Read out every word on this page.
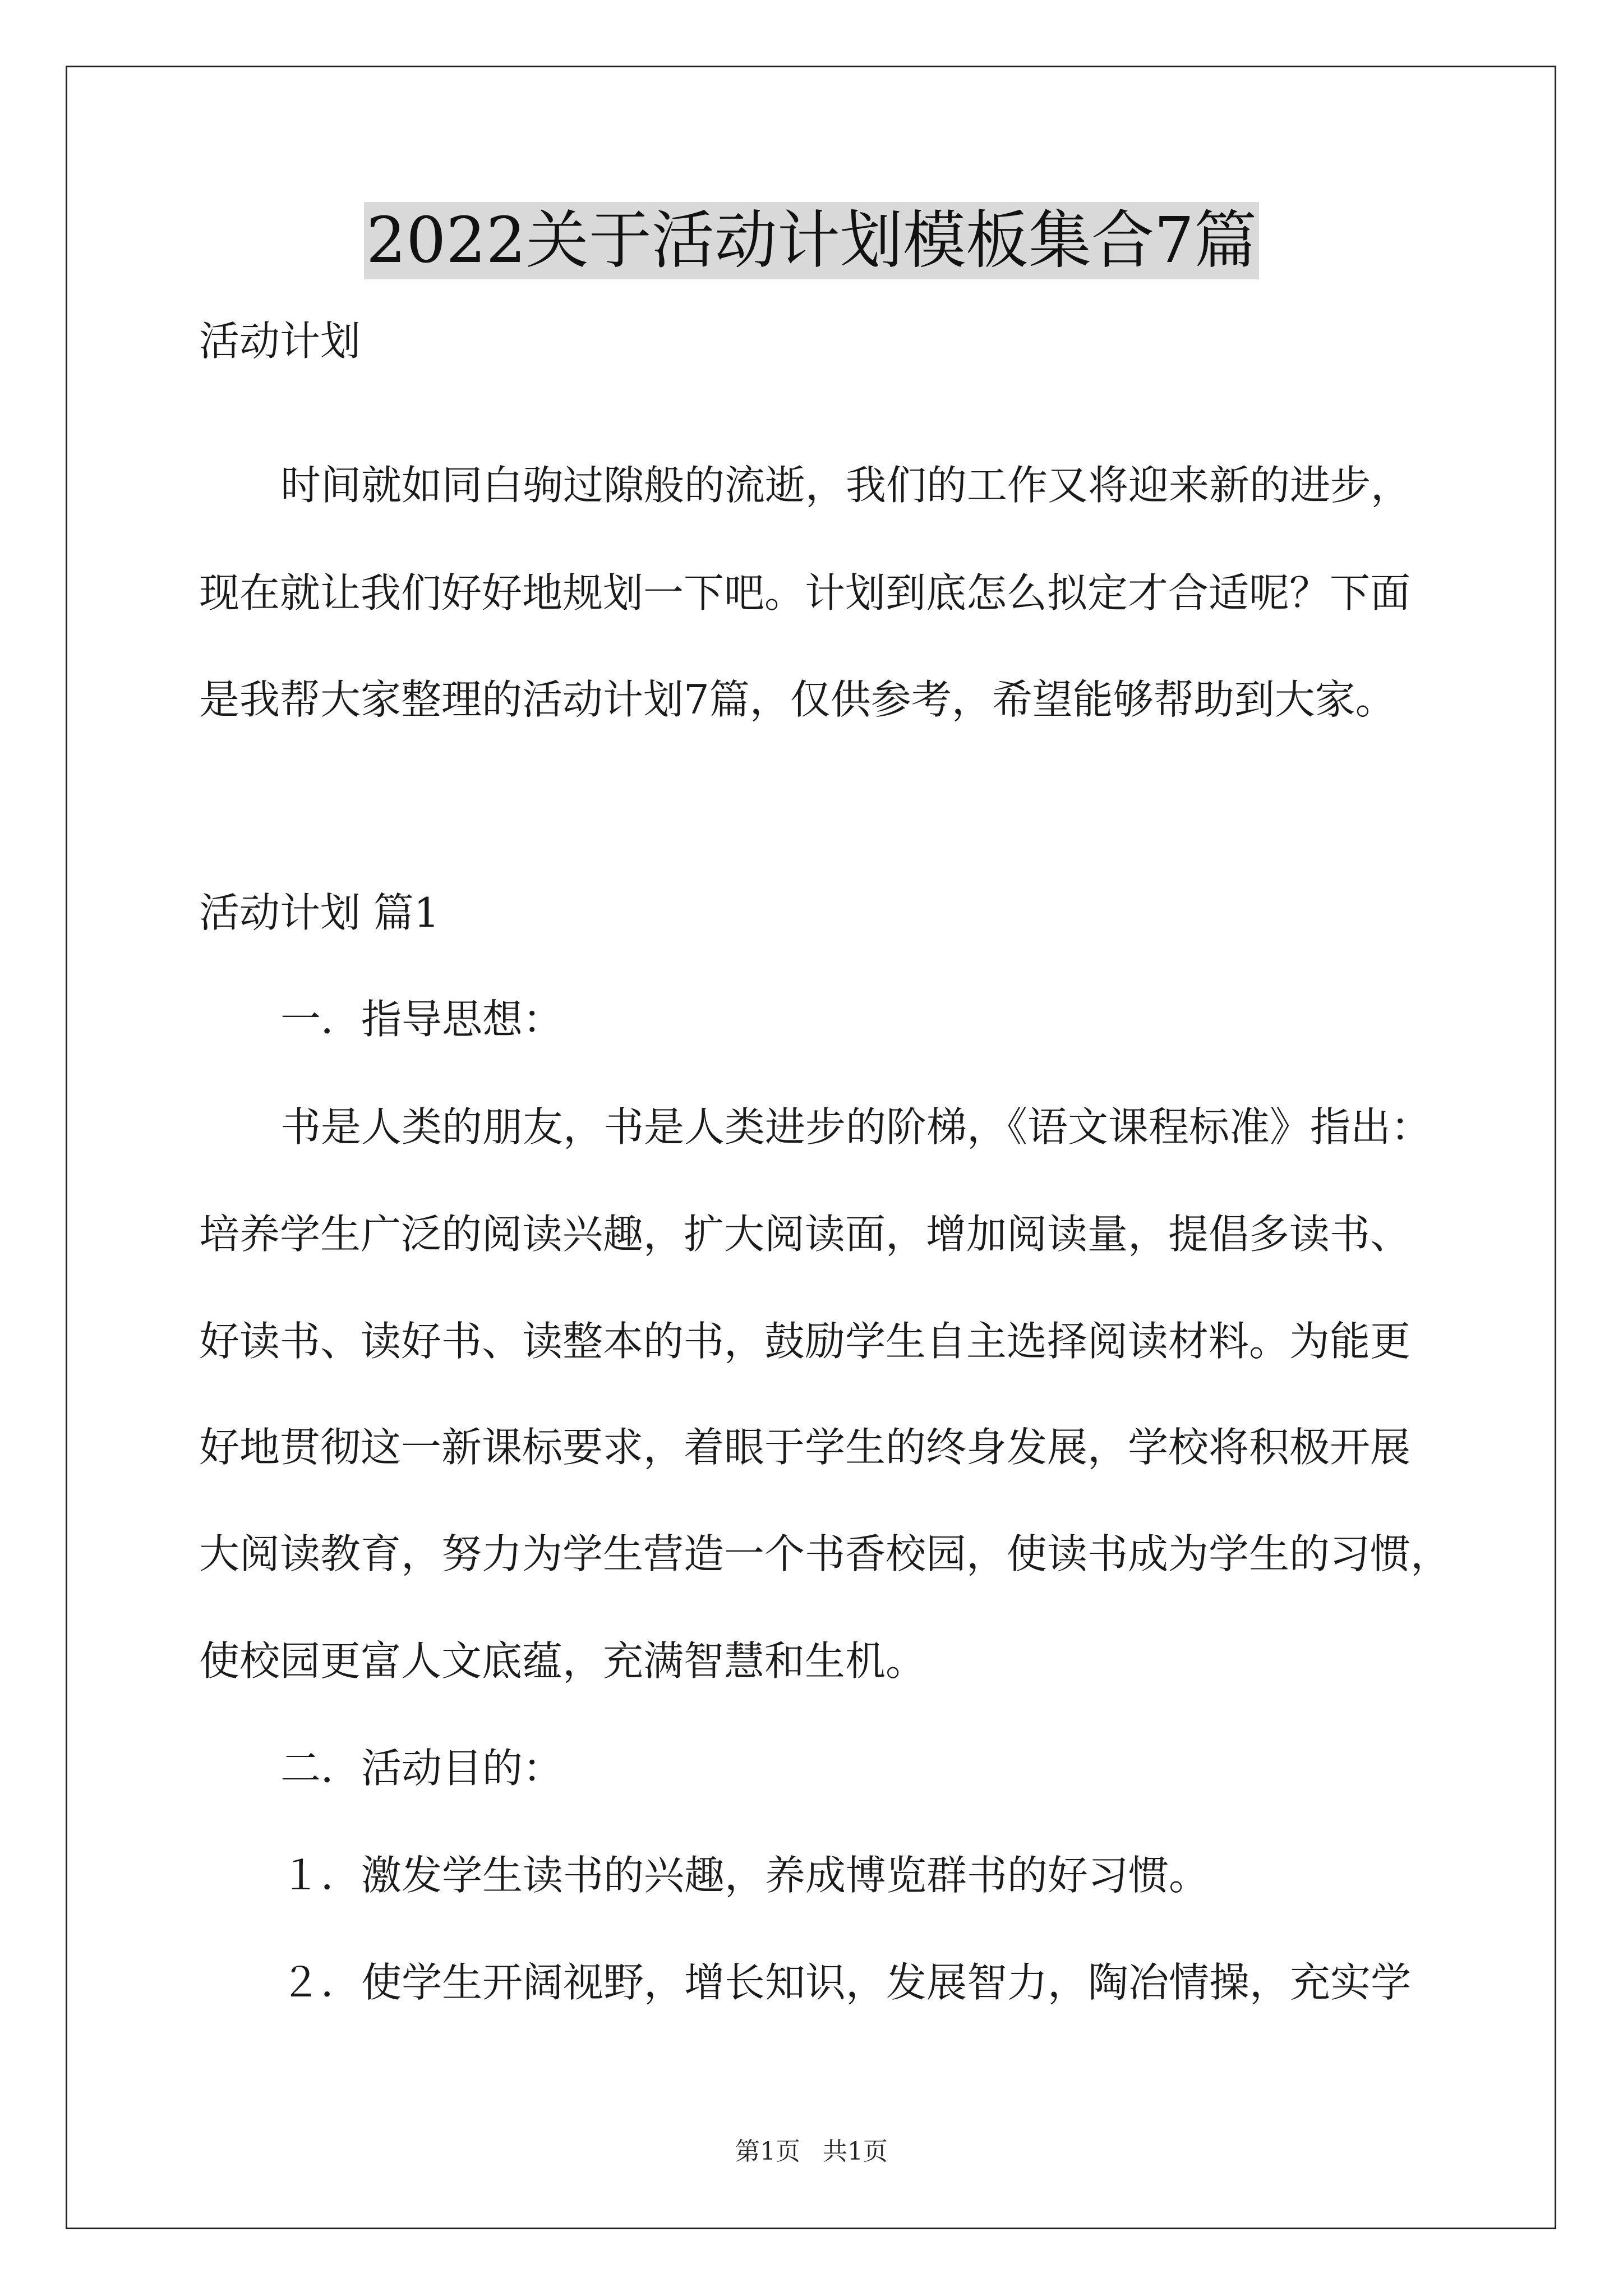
2022关于活动计划模板集合7篇
活动计划
时间就如同白驹过隙般的流逝，我们的工作又将迎来新的进步，
现在就让我们好好地规划一下吧。计划到底怎么拟定才合适呢？下面
是我帮大家整理的活动计划7篇，仅供参考，希望能够帮助到大家。
活动计划 篇1
一．指导思想：
书是人类的朋友，书是人类进步的阶梯，《语文课程标准》指出：
培养学生广泛的阅读兴趣，扩大阅读面，增加阅读量，提倡多读书、
好读书、读好书、读整本的书，鼓励学生自主选择阅读材料。为能更
好地贯彻这一新课标要求，着眼于学生的终身发展，学校将积极开展
大阅读教育，努力为学生营造一个书香校园，使读书成为学生的习惯，
使校园更富人文底蕴，充满智慧和生机。
二．活动目的：
１．激发学生读书的兴趣，养成博览群书的好习惯。
２．使学生开阔视野，增长知识，发展智力，陶冶情操，充实学
第1页 共1页
